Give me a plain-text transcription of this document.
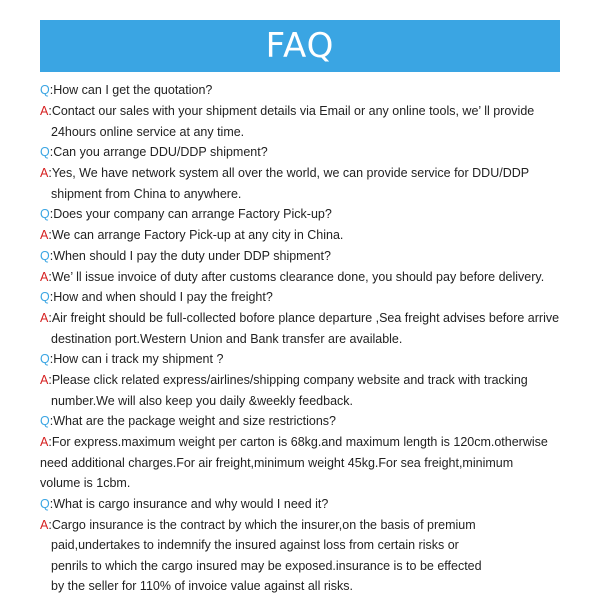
FAQ

Q:How can I get the quotation?

A:Contact our sales with your shipment details via Email or any online tools, we’ ll provide

24hours online service at any time.

Q:Can you arrange DDU/DDP shipment?

A:Yes, We have network system all over the world, we can provide service for DDU/DDP

shipment from China to anywhere.

Q:Does your company can arrange Factory Pick-up?

A:We can arrange Factory Pick-up at any city in China.

Q:When should I pay the duty under DDP shipment?

A:We’ ll issue invoice of duty after customs clearance done, you should pay before delivery.

Q:How and when should I pay the freight?

A:Air freight should be full-collected bofore plance departure ,Sea freight advises before arrive

destination port.Western Union and Bank transfer are available.

Q:How can i track my shipment ?

A:Please click related express/airlines/shipping company website and track with tracking

number.We will also keep you daily &weekly feedback.

Q:What are the package weight and size restrictions?

A:For express.maximum weight per carton is 68kg.and maximum length is 120cm.otherwise

need additional charges.For air freight,minimum weight 45kg.For sea freight,minimum

volume is 1cbm.

Q:What is cargo insurance and why would I need it?

A:Cargo insurance is the contract by which the insurer,on the basis of premium

paid,undertakes to indemnify the insured against loss from certain risks or

penrils to which the cargo insured may be exposed.insurance is to be effected

by the seller for 110% of invoice value against all risks.
